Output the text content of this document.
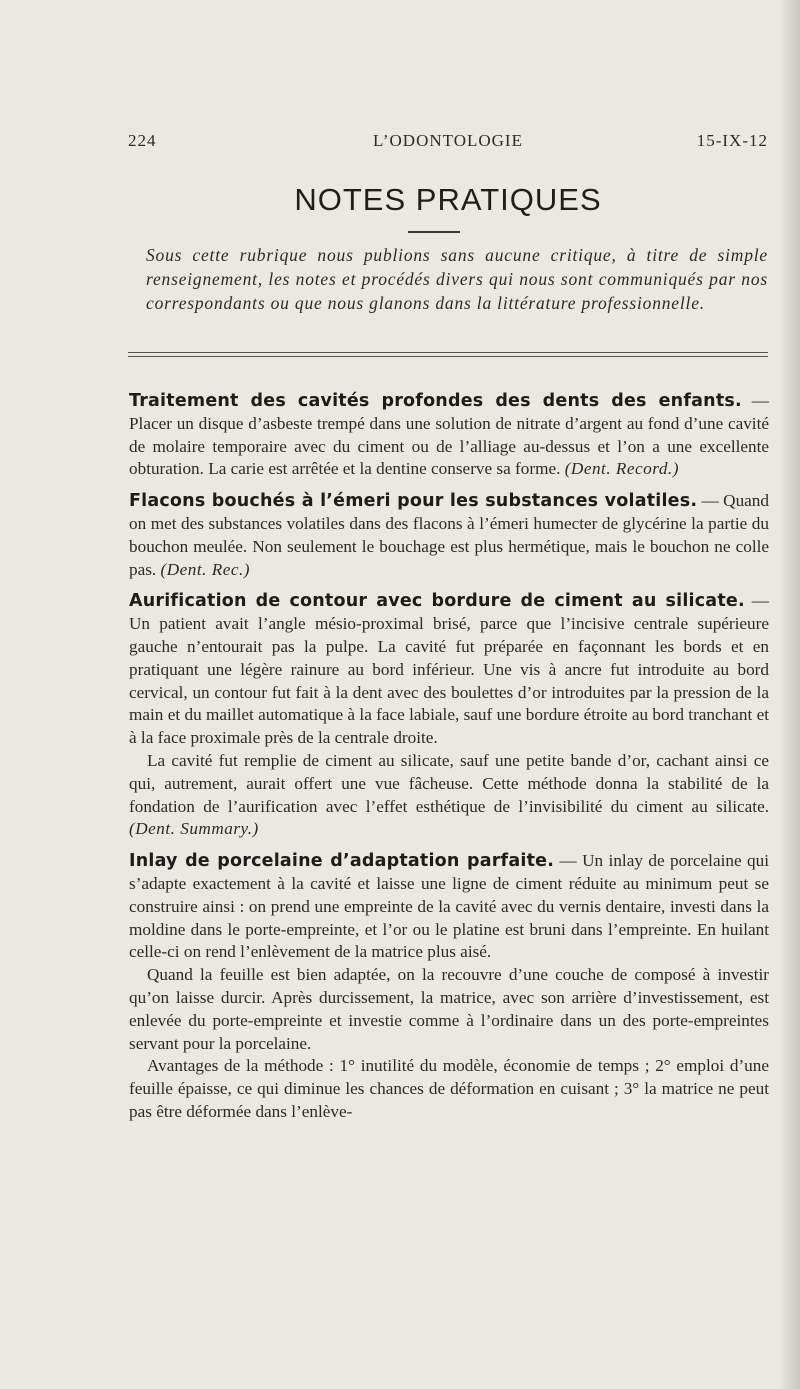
L’ODONTOLOGIE
224	15-IX-12
NOTES PRATIQUES
Sous cette rubrique nous publions sans aucune critique, à titre de simple renseignement, les notes et procédés divers qui nous sont communiqués par nos correspondants ou que nous glanons dans la littérature professionnelle.

Traitement des cavités profondes des dents des enfants. — Placer un disque d’asbeste trempé dans une solution de nitrate d’argent au fond d’une cavité de molaire temporaire avec du ciment ou de l’alliage au-dessus et l’on a une excellente obturation. La carie est arrêtée et la dentine conserve sa forme. (Dent. Record.)

Flacons bouchés à l’émeri pour les substances volatiles. — Quand on met des substances volatiles dans des flacons à l’émeri humecter de glycérine la partie du bouchon meulée. Non seulement le bouchage est plus hermétique, mais le bouchon ne colle pas. (Dent. Rec.)

Aurification de contour avec bordure de ciment au silicate. — Un patient avait l’angle mésio-proximal brisé, parce que l’incisive centrale supérieure gauche n’entourait pas la pulpe. La cavité fut préparée en façonnant les bords et en pratiquant une légère rainure au bord inférieur. Une vis à ancre fut introduite au bord cervical, un contour fut fait à la dent avec des boulettes d’or introduites par la pression de la main et du maillet automatique à la face labiale, sauf une bordure étroite au bord tranchant et à la face proximale près de la centrale droite.

La cavité fut remplie de ciment au silicate, sauf une petite bande d’or, cachant ainsi ce qui, autrement, aurait offert une vue fâcheuse. Cette méthode donna la stabilité de la fondation de l’aurification avec l’effet esthétique de l’invisibilité du ciment au silicate. (Dent. Summary.)

Inlay de porcelaine d’adaptation parfaite. — Un inlay de porcelaine qui s’adapte exactement à la cavité et laisse une ligne de ciment réduite au minimum peut se construire ainsi : on prend une empreinte de la cavité avec du vernis dentaire, investi dans la moldine dans le porte-empreinte, et l’or ou le platine est bruni dans l’empreinte. En huilant celle-ci on rend l’enlèvement de la matrice plus aisé.

Quand la feuille est bien adaptée, on la recouvre d’une couche de composé à investir qu’on laisse durcir. Après durcissement, la matrice, avec son arrière d’investissement, est enlevée du porte-empreinte et investie comme à l’ordinaire dans un des porte-empreintes servant pour la porcelaine.

Avantages de la méthode : 1° inutilité du modèle, économie de temps ; 2° emploi d’une feuille épaisse, ce qui diminue les chances de déformation en cuisant ; 3° la matrice ne peut pas être déformée dans l’enlève-
